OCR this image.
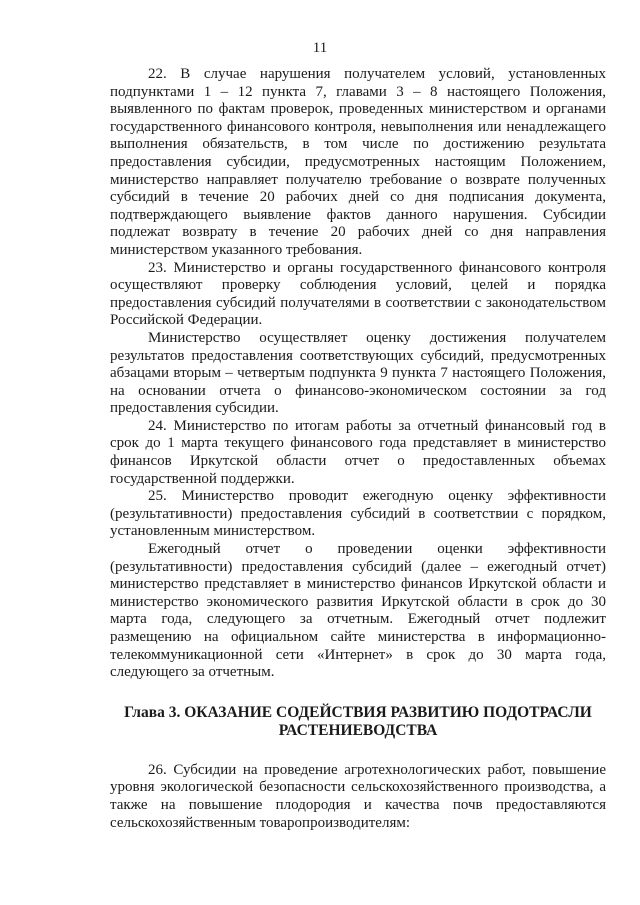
11

22. В случае нарушения получателем условий, установленных подпунктами 1 – 12 пункта 7, главами 3 – 8 настоящего Положения, выявленного по фактам проверок, проведенных министерством и органами государственного финансового контроля, невыполнения или ненадлежащего выполнения обязательств, в том числе по достижению результата предоставления субсидии, предусмотренных настоящим Положением, министерство направляет получателю требование о возврате полученных субсидий в течение 20 рабочих дней со дня подписания документа, подтверждающего выявление фактов данного нарушения. Субсидии подлежат возврату в течение 20 рабочих дней со дня направления министерством указанного требования.

23. Министерство и органы государственного финансового контроля осуществляют проверку соблюдения условий, целей и порядка предоставления субсидий получателями в соответствии с законодательством Российской Федерации.

Министерство осуществляет оценку достижения получателем результатов предоставления соответствующих субсидий, предусмотренных абзацами вторым – четвертым подпункта 9 пункта 7 настоящего Положения, на основании отчета о финансово-экономическом состоянии за год предоставления субсидии.

24. Министерство по итогам работы за отчетный финансовый год в срок до 1 марта текущего финансового года представляет в министерство финансов Иркутской области отчет о предоставленных объемах государственной поддержки.

25. Министерство проводит ежегодную оценку эффективности (результативности) предоставления субсидий в соответствии с порядком, установленным министерством.

Ежегодный отчет о проведении оценки эффективности (результативности) предоставления субсидий (далее – ежегодный отчет) министерство представляет в министерство финансов Иркутской области и министерство экономического развития Иркутской области в срок до 30 марта года, следующего за отчетным. Ежегодный отчет подлежит размещению на официальном сайте министерства в информационно-телекоммуникационной сети «Интернет» в срок до 30 марта года, следующего за отчетным.

Глава 3. ОКАЗАНИЕ СОДЕЙСТВИЯ РАЗВИТИЮ ПОДОТРАСЛИ РАСТЕНИЕВОДСТВА

26. Субсидии на проведение агротехнологических работ, повышение уровня экологической безопасности сельскохозяйственного производства, а также на повышение плодородия и качества почв предоставляются сельскохозяйственным товаропроизводителям:
